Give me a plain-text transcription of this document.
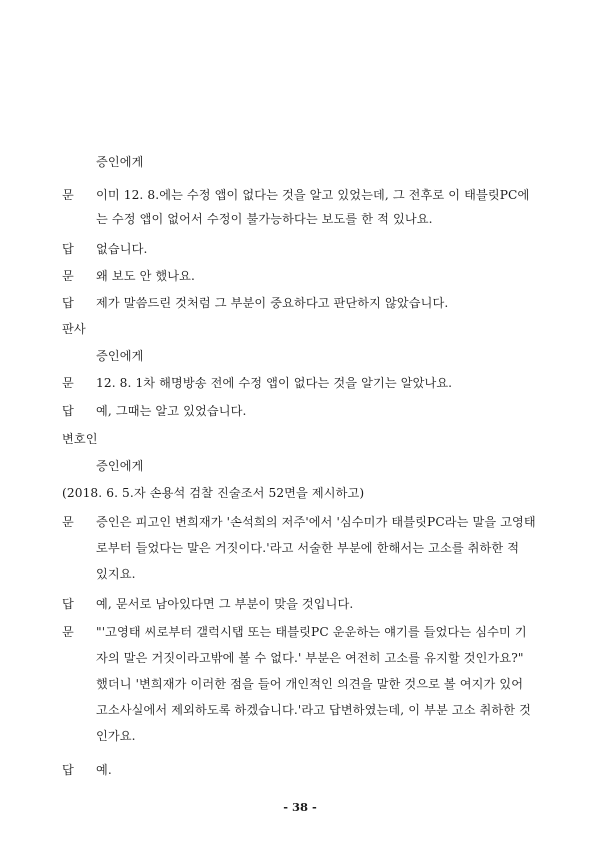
증인에게
문 이미 12. 8.에는 수정 앱이 없다는 것을 알고 있었는데, 그 전후로 이 태블릿PC에
는 수정 앱이 없어서 수정이 불가능하다는 보도를 한 적 있나요.
답 없습니다.
문 왜 보도 안 했나요.
답 제가 말씀드린 것처럼 그 부분이 중요하다고 판단하지 않았습니다.
판사
증인에게
문 12. 8. 1차 해명방송 전에 수정 앱이 없다는 것을 알기는 알았나요.
답 예, 그때는 알고 있었습니다.
변호인
증인에게
(2018. 6. 5.자 손용석 검찰 진술조서 52면을 제시하고)
문 증인은 피고인 변희재가 '손석희의 저주'에서 '심수미가 태블릿PC라는 말을 고영태
로부터 들었다는 말은 거짓이다.'라고 서술한 부분에 한해서는 고소를 취하한 적
있지요.
답 예, 문서로 남아있다면 그 부분이 맞을 것입니다.
문 "'고영태 씨로부터 갤럭시탭 또는 태블릿PC 운운하는 얘기를 들었다는 심수미 기
자의 말은 거짓이라고밖에 볼 수 없다.' 부분은 여전히 고소를 유지할 것인가요?"
했더니 '변희재가 이러한 점을 들어 개인적인 의견을 말한 것으로 볼 여지가 있어
고소사실에서 제외하도록 하겠습니다.'라고 답변하였는데, 이 부분 고소 취하한 것
인가요.
답 예.
- 38 -
